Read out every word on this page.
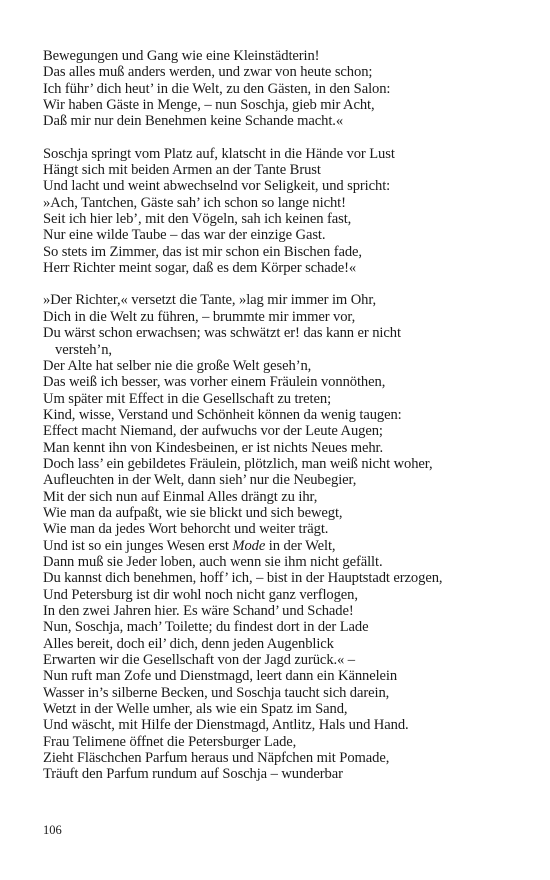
Bewegungen und Gang wie eine Kleinstädterin!
Das alles muß anders werden, und zwar von heute schon;
Ich führ’ dich heut’ in die Welt, zu den Gästen, in den Salon:
Wir haben Gäste in Menge, – nun Soschja, gieb mir Acht,
Daß mir nur dein Benehmen keine Schande macht.«
Soschja springt vom Platz auf, klatscht in die Hände vor Lust
Hängt sich mit beiden Armen an der Tante Brust
Und lacht und weint abwechselnd vor Seligkeit, und spricht:
»Ach, Tantchen, Gäste sah’ ich schon so lange nicht!
Seit ich hier leb’, mit den Vögeln, sah ich keinen fast,
Nur eine wilde Taube – das war der einzige Gast.
So stets im Zimmer, das ist mir schon ein Bischen fade,
Herr Richter meint sogar, daß es dem Körper schade!«
»Der Richter,« versetzt die Tante, »lag mir immer im Ohr,
Dich in die Welt zu führen, – brummte mir immer vor,
Du wärst schon erwachsen; was schwätzt er! das kann er nicht
versteh’n,
Der Alte hat selber nie die große Welt geseh’n,
Das weiß ich besser, was vorher einem Fräulein vonnöthen,
Um später mit Effect in die Gesellschaft zu treten;
Kind, wisse, Verstand und Schönheit können da wenig taugen:
Effect macht Niemand, der aufwuchs vor der Leute Augen;
Man kennt ihn von Kindesbeinen, er ist nichts Neues mehr.
Doch lass’ ein gebildetes Fräulein, plötzlich, man weiß nicht woher,
Aufleuchten in der Welt, dann sieh’ nur die Neubegier,
Mit der sich nun auf Einmal Alles drängt zu ihr,
Wie man da aufpaßt, wie sie blickt und sich bewegt,
Wie man da jedes Wort behorcht und weiter trägt.
Und ist so ein junges Wesen erst Mode in der Welt,
Dann muß sie Jeder loben, auch wenn sie ihm nicht gefällt.
Du kannst dich benehmen, hoff’ ich, – bist in der Hauptstadt erzogen,
Und Petersburg ist dir wohl noch nicht ganz verflogen,
In den zwei Jahren hier. Es wäre Schand’ und Schade!
Nun, Soschja, mach’ Toilette; du findest dort in der Lade
Alles bereit, doch eil’ dich, denn jeden Augenblick
Erwarten wir die Gesellschaft von der Jagd zurück.« –
Nun ruft man Zofe und Dienstmagd, leert dann ein Kännelein
Wasser in’s silberne Becken, und Soschja taucht sich darein,
Wetzt in der Welle umher, als wie ein Spatz im Sand,
Und wäscht, mit Hilfe der Dienstmagd, Antlitz, Hals und Hand.
Frau Telimene öffnet die Petersburger Lade,
Zieht Fläschchen Parfum heraus und Näpfchen mit Pomade,
Träuft den Parfum rundum auf Soschja – wunderbar
106
